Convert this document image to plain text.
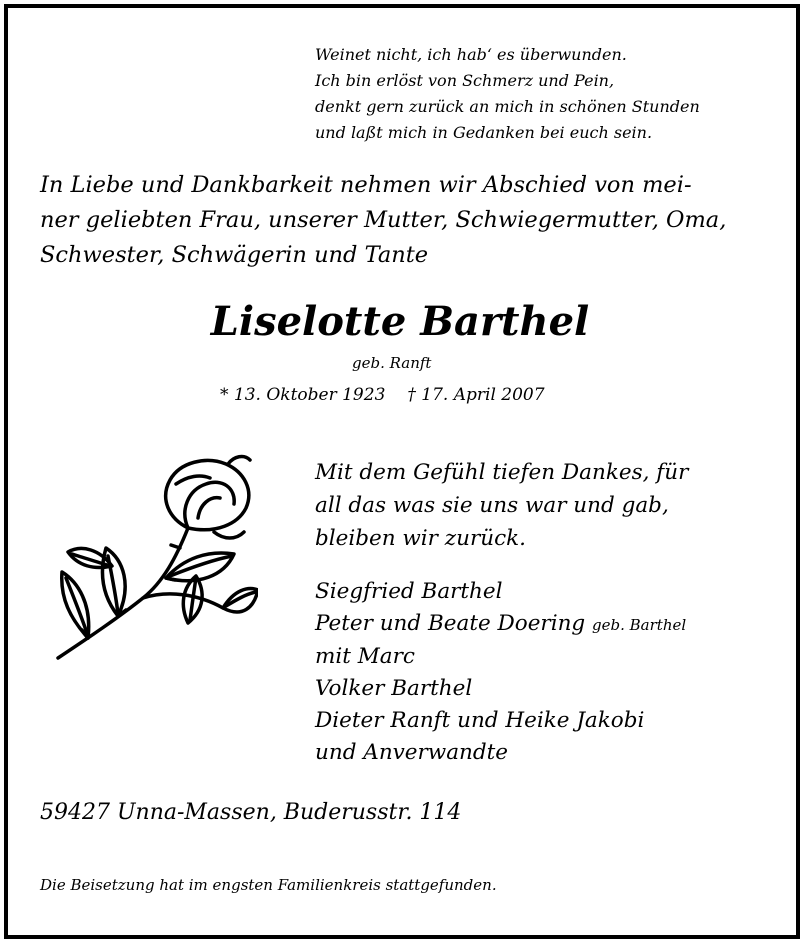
Weinet nicht, ich hab‘ es überwunden.
Ich bin erlöst von Schmerz und Pein,
denkt gern zurück an mich in schönen Stunden
und laßt mich in Gedanken bei euch sein.
In Liebe und Dankbarkeit nehmen wir Abschied von mei-
ner geliebten Frau, unserer Mutter, Schwiegermutter, Oma,
Schwester, Schwägerin und Tante
Liselotte Barthel
geb. Ranft
* 13. Oktober 1923 † 17. April 2007
Mit dem Gefühl tiefen Dankes, für
all das was sie uns war und gab,
bleiben wir zurück.
Siegfried Barthel
Peter und Beate Doering geb. Barthel
mit Marc
Volker Barthel
Dieter Ranft und Heike Jakobi
und Anverwandte
59427 Unna-Massen, Buderusstr. 114
Die Beisetzung hat im engsten Familienkreis stattgefunden.
